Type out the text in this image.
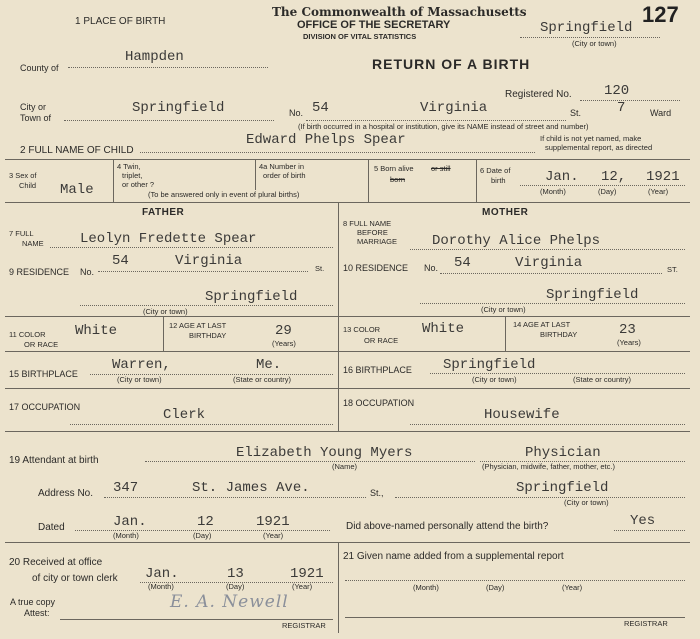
1 PLACE OF BIRTH
The Commonwealth of Massachusetts
OFFICE OF THE SECRETARY
DIVISION OF VITAL STATISTICS
Springfield
(City or town)
127
County of
Hampden	RETURN OF A BIRTH
Registered No. 120
City or
Town of
Springfield	No. 54	Virginia	St.	7	Ward
(If birth occurred in a hospital or institution, give its NAME instead of street and number)
2 FULL NAME OF CHILD
Edward Phelps Spear	If child is not yet named, make
supplemental report, as directed
3 Sex of
Child Male
4 Twin,
triplet,
or other ?
4a Number in
order of birth
(To be answered only in event of plural births)
5 Born alive or still
born
6 Date of
birth	Jan. 12, 1921
(Month)	(Day)	(Year)
FATHER	MOTHER
7 FULL
NAME	Leolyn Fredette Spear
8 FULL NAME
BEFORE
MARRIAGE Dorothy Alice Phelps
9 RESIDENCE No.
54	Virginia	St.
Springfield
(City or town)
10 RESIDENCE No. 54	Virginia	ST.
Springfield
(City or town)
11 COLOR
OR RACE
White	12 AGE AT LAST
BIRTHDAY	29
(Years)
13 COLOR
OR RACE
White	14 AGE AT LAST
BIRTHDAY	23
(Years)
15 BIRTHPLACE
Warren,	Me.
(City or town)	(State or country)
16 BIRTHPLACE Springfield
(City or town)	(State or country)
17 OCCUPATION	Clerk
18 OCCUPATION
Housewife
19 Attendant at birth	Elizabeth Young Myers
(Name)
Physician
(Physician, midwife, father, mother, etc.)
Address No. 347	St. James Ave.	St.,	Springfield
(City or town)
Dated	Jan.	12	1921
(Month)	(Day)	(Year)
Did above-named personally attend the birth?	Yes
20 Received at office
of city or town clerk Jan.	13	1921
(Month)	(Day)	(Year)
A true copy
Attest:
E. A. Newell
REGISTRAR
21 Given name added from a supplemental report
(Month)	(Day)	(Year)
REGISTRAR
